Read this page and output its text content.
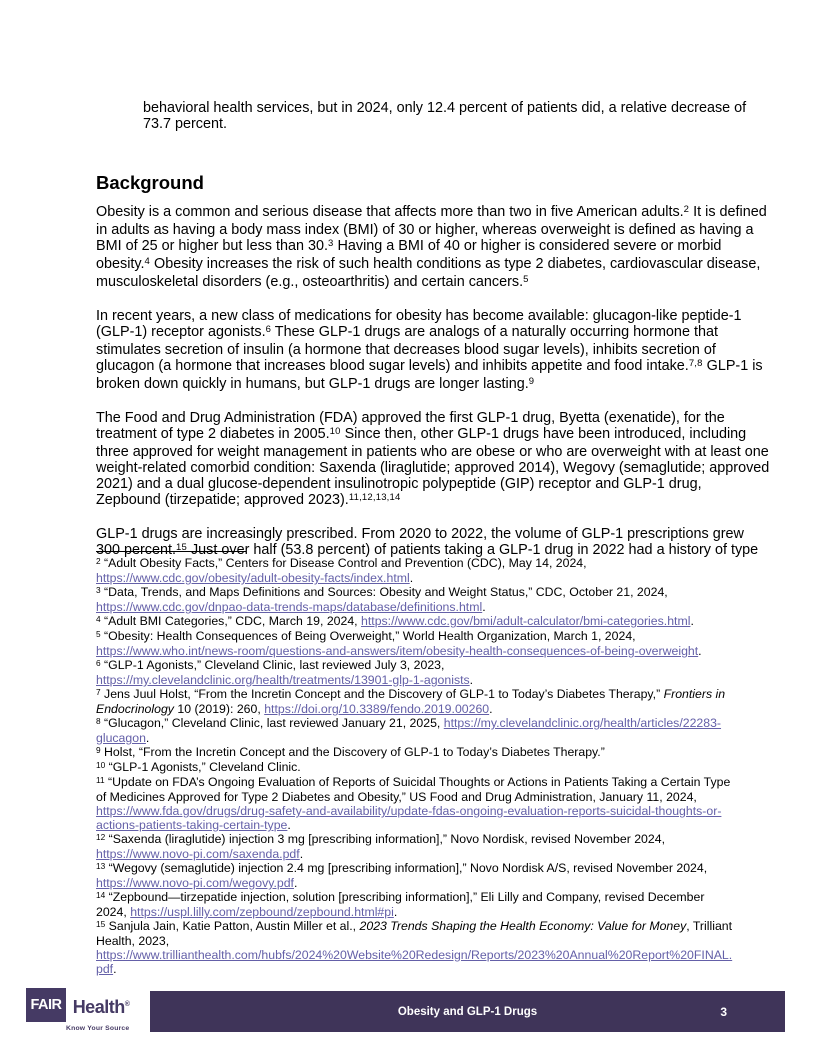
behavioral health services, but in 2024, only 12.4 percent of patients did, a relative decrease of
73.7 percent.
Background
Obesity is a common and serious disease that affects more than two in five American adults.$^2$ It is defined
in adults as having a body mass index (BMI) of 30 or higher, whereas overweight is defined as having a
BMI of 25 or higher but less than 30.$^3$ Having a BMI of 40 or higher is considered severe or morbid
obesity.$^4$ Obesity increases the risk of such health conditions as type 2 diabetes, cardiovascular disease,
musculoskeletal disorders (e.g., osteoarthritis) and certain cancers.$^5$
In recent years, a new class of medications for obesity has become available: glucagon-like peptide-1
(GLP-1) receptor agonists.$^6$ These GLP-1 drugs are analogs of a naturally occurring hormone that
stimulates secretion of insulin (a hormone that decreases blood sugar levels), inhibits secretion of
glucagon (a hormone that increases blood sugar levels) and inhibits appetite and food intake.$^{7,8}$ GLP-1 is
broken down quickly in humans, but GLP-1 drugs are longer lasting.$^9$
The Food and Drug Administration (FDA) approved the first GLP-1 drug, Byetta (exenatide), for the
treatment of type 2 diabetes in 2005.10 Since then, other GLP-1 drugs have been introduced, including
three approved for weight management in patients who are obese or who are overweight with at least one
weight-related comorbid condition: Saxenda (liraglutide; approved 2014), Wegovy (semaglutide; approved
2021) and a dual glucose-dependent insulinotropic polypeptide (GIP) receptor and GLP-1 drug,
Zepbound (tirzepatide; approved 2023).$^{11,12,13,14}$
GLP-1 drugs are increasingly prescribed. From 2020 to 2022, the volume of GLP-1 prescriptions grew
300 percent.$^{15}$ Just over half (53.8 percent) of patients taking a GLP-1 drug in 2022 had a history of type
$^2$ “Adult Obesity Facts,” Centers for Disease Control and Prevention (CDC), May 14, 2024,
https://www.cdc.gov/obesity/adult-obesity-facts/index.html.
$^3$ “Data, Trends, and Maps Definitions and Sources: Obesity and Weight Status,” CDC, October 21, 2024,
https://www.cdc.gov/dnpao-data-trends-maps/database/definitions.html.
$^4$ “Adult BMI Categories,” CDC, March 19, 2024, https://www.cdc.gov/bmi/adult-calculator/bmi-categories.html.
$^5$ “Obesity: Health Consequences of Being Overweight,” World Health Organization, March 1, 2024,
https://www.who.int/news-room/questions-and-answers/item/obesity-health-consequences-of-being-overweight.
$^6$ “GLP-1 Agonists,” Cleveland Clinic, last reviewed July 3, 2023,
https://my.clevelandclinic.org/health/treatments/13901-glp-1-agonists.
$^7$ Jens Juul Holst, “From the Incretin Concept and the Discovery of GLP-1 to Today’s Diabetes Therapy,” Frontiers in
Endocrinology 10 (2019): 260, https://doi.org/10.3389/fendo.2019.00260.
$^8$ “Glucagon,” Cleveland Clinic, last reviewed January 21, 2025, https://my.clevelandclinic.org/health/articles/22283-
glucagon.
$^9$ Holst, “From the Incretin Concept and the Discovery of GLP-1 to Today’s Diabetes Therapy.”
$^{10}$ “GLP-1 Agonists,” Cleveland Clinic.
$^{11}$ “Update on FDA’s Ongoing Evaluation of Reports of Suicidal Thoughts or Actions in Patients Taking a Certain Type
of Medicines Approved for Type 2 Diabetes and Obesity,” US Food and Drug Administration, January 11, 2024,
https://www.fda.gov/drugs/drug-safety-and-availability/update-fdas-ongoing-evaluation-reports-suicidal-thoughts-or-
actions-patients-taking-certain-type.
$^{12}$ “Saxenda (liraglutide) injection 3 mg [prescribing information],” Novo Nordisk, revised November 2024,
https://www.novo-pi.com/saxenda.pdf.
$^{13}$ “Wegovy (semaglutide) injection 2.4 mg [prescribing information],” Novo Nordisk A/S, revised November 2024,
https://www.novo-pi.com/wegovy.pdf.
$^{14}$ “Zepbound—tirzepatide injection, solution [prescribing information],” Eli Lilly and Company, revised December
2024, https://uspl.lilly.com/zepbound/zepbound.html#pi.
$^{15}$ Sanjula Jain, Katie Patton, Austin Miller et al., 2023 Trends Shaping the Health Economy: Value for Money, Trilliant
Health, 2023,
https://www.trillianthealth.com/hubfs/2024%20Website%20Redesign/Reports/2023%20Annual%20Report%20FINAL.
pdf.
FAIR Health®
Know Your Source
Obesity and GLP-1 Drugs	3
